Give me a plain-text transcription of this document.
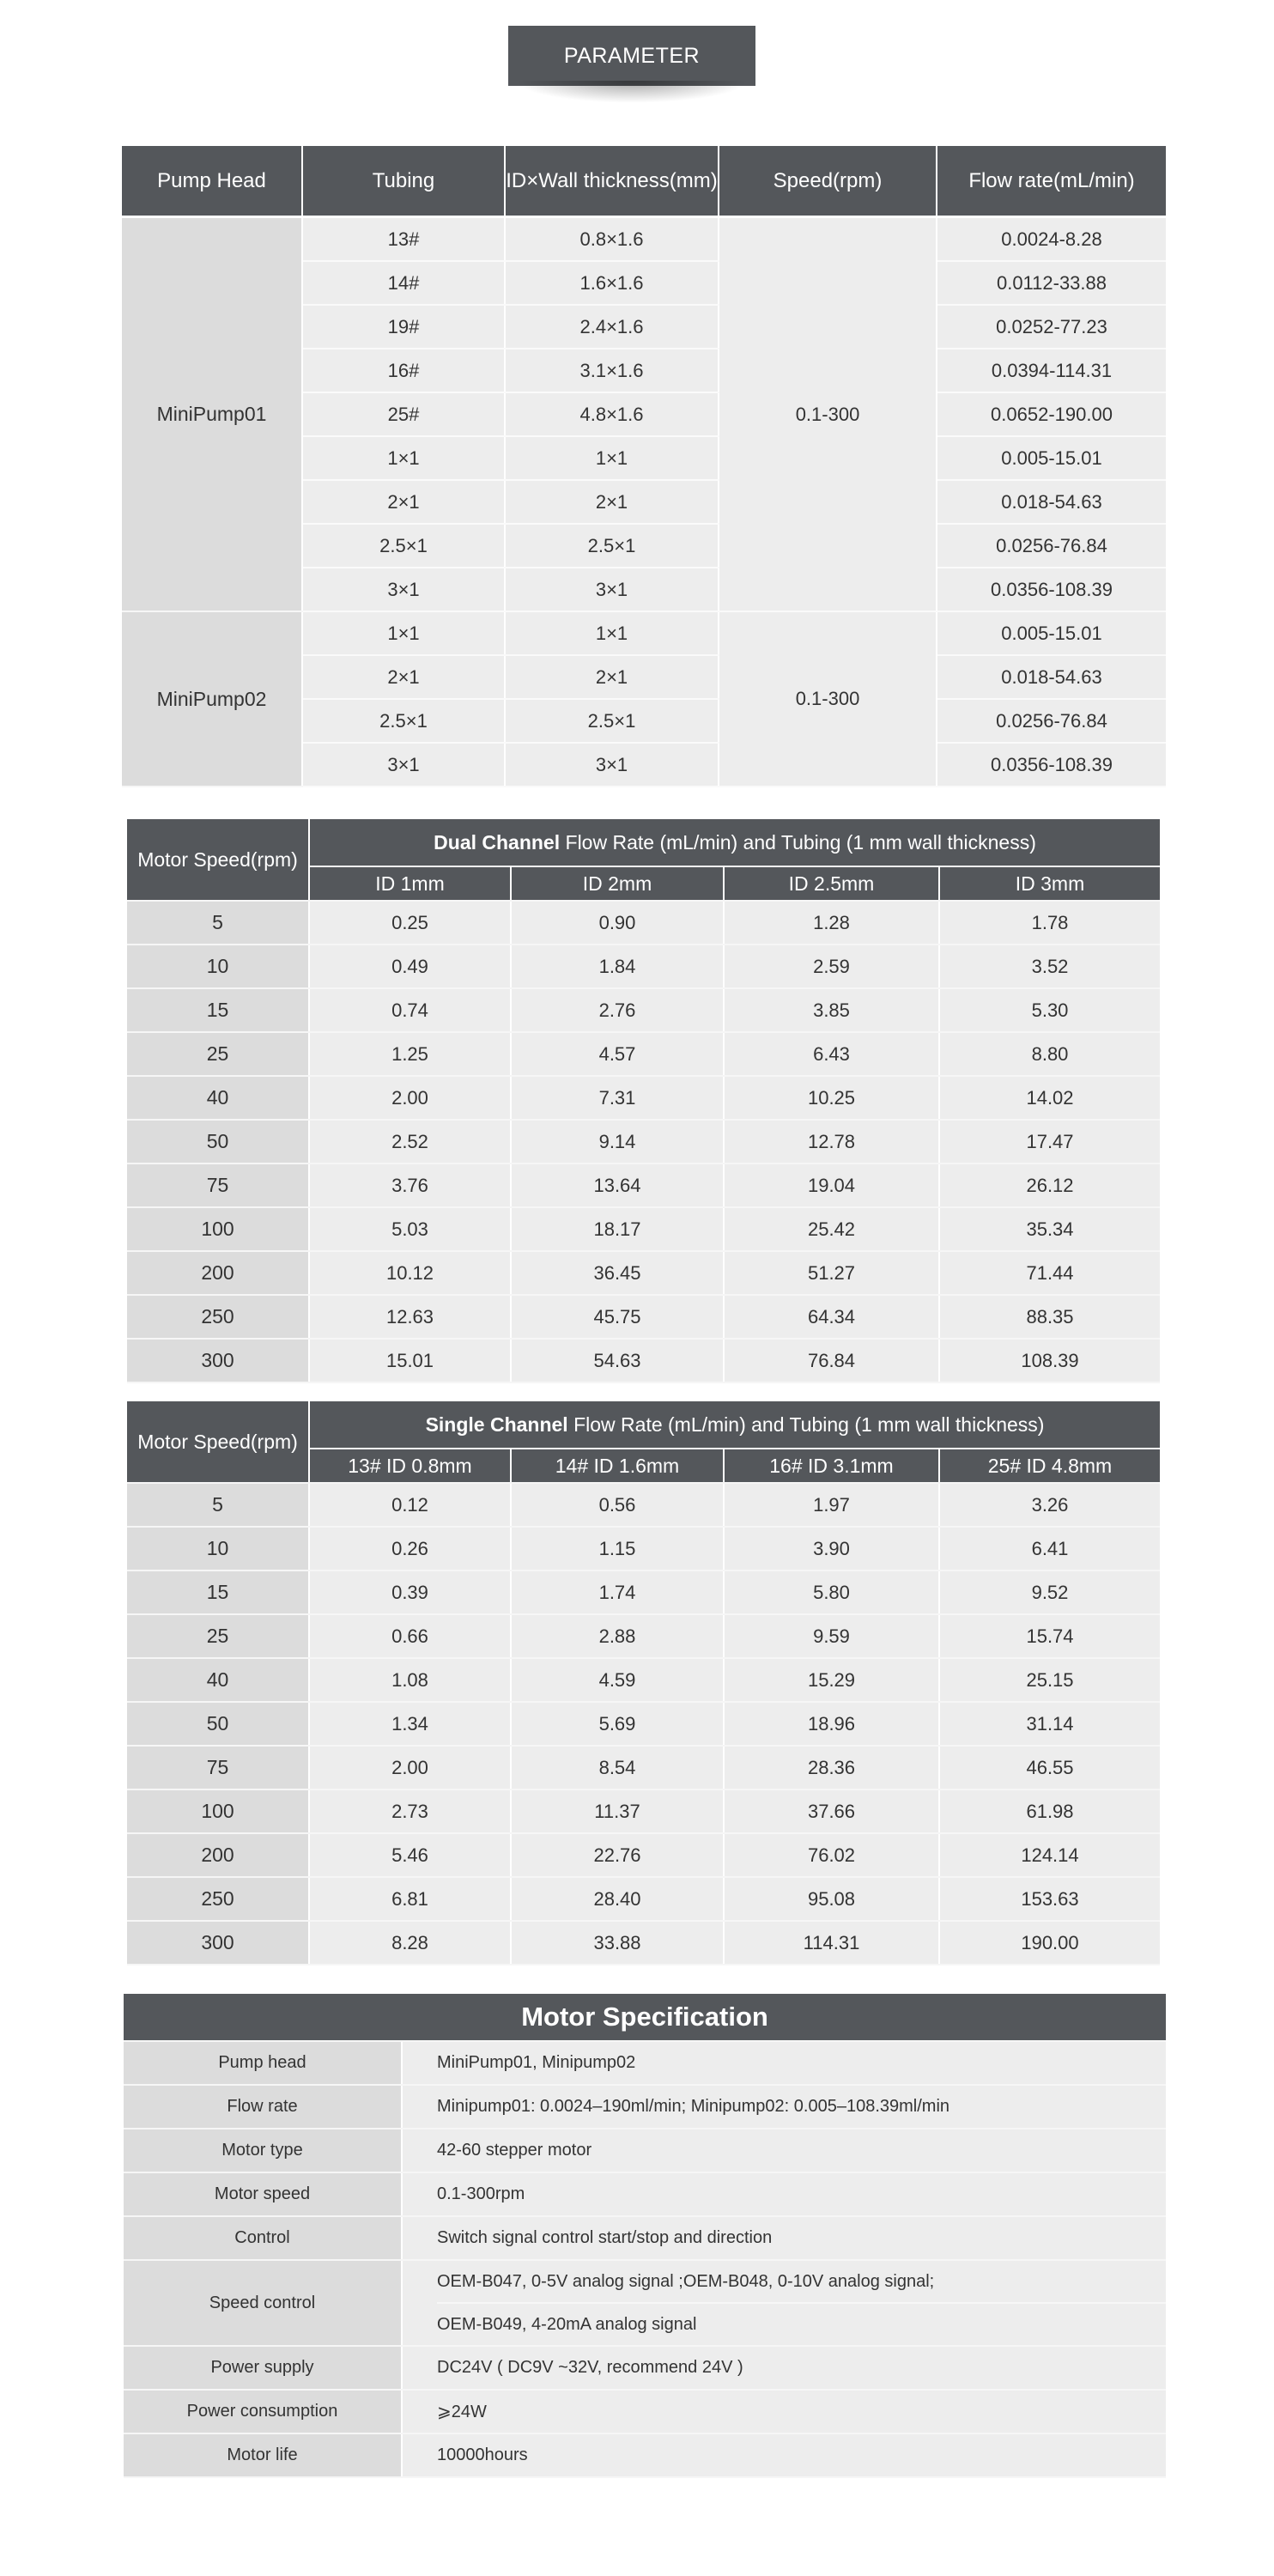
PARAMETER
Pump Head	Tubing	ID×Wall thickness(mm)	Speed(rpm)	Flow rate(mL/min)
MiniPump01	13#	0.8×1.6	0.1-300	0.0024-8.28
	14#	1.6×1.6		0.0112-33.88
	19#	2.4×1.6		0.0252-77.23
	16#	3.1×1.6		0.0394-114.31
	25#	4.8×1.6		0.0652-190.00
	1×1	1×1		0.005-15.01
	2×1	2×1		0.018-54.63
	2.5×1	2.5×1		0.0256-76.84
	3×1	3×1		0.0356-108.39
MiniPump02	1×1	1×1	0.1-300	0.005-15.01
	2×1	2×1		0.018-54.63
	2.5×1	2.5×1		0.0256-76.84
	3×1	3×1		0.0356-108.39
Motor Speed(rpm)	Dual Channel Flow Rate (mL/min) and Tubing (1 mm wall thickness)			
	ID 1mm	ID 2mm	ID 2.5mm	ID 3mm
5	0.25	0.90	1.28	1.78
10	0.49	1.84	2.59	3.52
15	0.74	2.76	3.85	5.30
25	1.25	4.57	6.43	8.80
40	2.00	7.31	10.25	14.02
50	2.52	9.14	12.78	17.47
75	3.76	13.64	19.04	26.12
100	5.03	18.17	25.42	35.34
200	10.12	36.45	51.27	71.44
250	12.63	45.75	64.34	88.35
300	15.01	54.63	76.84	108.39
Motor Speed(rpm)	Single Channel Flow Rate (mL/min) and Tubing (1 mm wall thickness)			
	13# ID 0.8mm	14# ID 1.6mm	16# ID 3.1mm	25# ID 4.8mm
5	0.12	0.56	1.97	3.26
10	0.26	1.15	3.90	6.41
15	0.39	1.74	5.80	9.52
25	0.66	2.88	9.59	15.74
40	1.08	4.59	15.29	25.15
50	1.34	5.69	18.96	31.14
75	2.00	8.54	28.36	46.55
100	2.73	11.37	37.66	61.98
200	5.46	22.76	76.02	124.14
250	6.81	28.40	95.08	153.63
300	8.28	33.88	114.31	190.00
Motor Specification	
Pump head	MiniPump01, Minipump02
Flow rate	Minipump01: 0.0024–190ml/min; Minipump02: 0.005–108.39ml/min
Motor type	42-60 stepper motor
Motor speed	0.1-300rpm
Control	Switch signal control start/stop and direction
Speed control	OEM-B047, 0-5V analog signal ;OEM-B048, 0-10V analog signal;
OEM-B049, 4-20mA analog signal

Power supply	DC24V ( DC9V ~32V, recommend 24V )
Power consumption	⩾24W
Motor life	10000hours
